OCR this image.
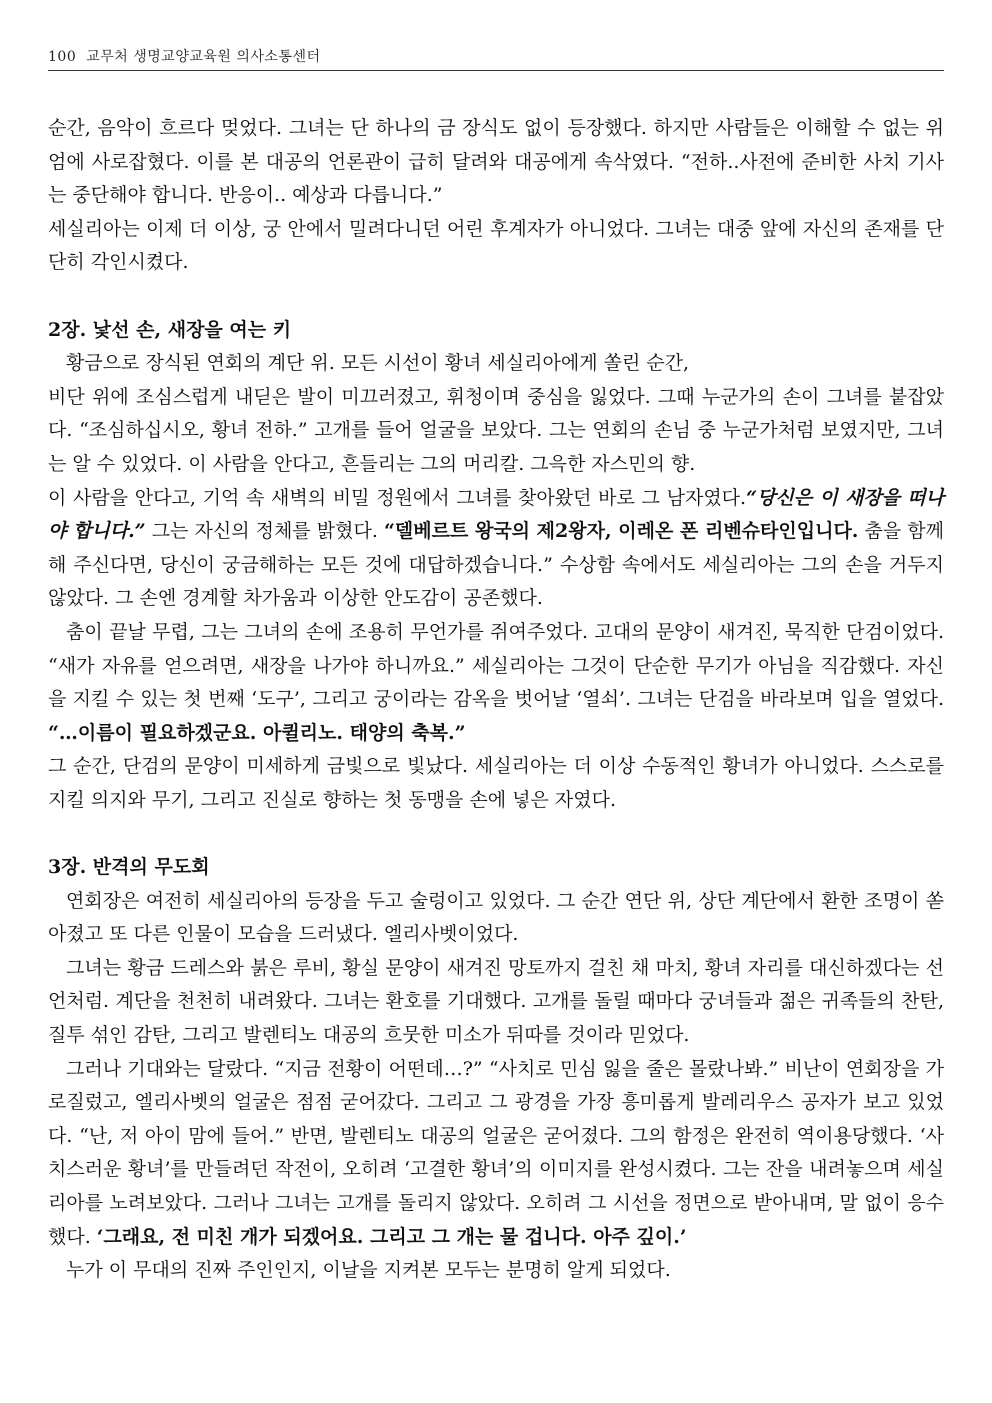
100 교무처 생명교양교육원 의사소통센터

순간, 음악이 흐르다 멎었다. 그녀는 단 하나의 금 장식도 없이 등장했다. 하지만 사람들은 이해할 수 없는 위엄에 사로잡혔다. 이를 본 대공의 언론관이 급히 달려와 대공에게 속삭였다. “전하..사전에 준비한 사치 기사는 중단해야 합니다. 반응이.. 예상과 다릅니다.”

세실리아는 이제 더 이상, 궁 안에서 밀려다니던 어린 후계자가 아니었다. 그녀는 대중 앞에 자신의 존재를 단단히 각인시켰다.

2장. 낯선 손, 새장을 여는 키

황금으로 장식된 연회의 계단 위. 모든 시선이 황녀 세실리아에게 쏠린 순간,

비단 위에 조심스럽게 내딛은 발이 미끄러졌고, 휘청이며 중심을 잃었다. 그때 누군가의 손이 그녀를 붙잡았다. “조심하십시오, 황녀 전하.” 고개를 들어 얼굴을 보았다. 그는 연회의 손님 중 누군가처럼 보였지만, 그녀는 알 수 있었다. 이 사람을 안다고, 흔들리는 그의 머리칼. 그윽한 자스민의 향.

이 사람을 안다고, 기억 속 새벽의 비밀 정원에서 그녀를 찾아왔던 바로 그 남자였다.“당신은 이 새장을 떠나야 합니다.” 그는 자신의 정체를 밝혔다. “델베르트 왕국의 제2왕자, 이레온 폰 리벤슈타인입니다. 춤을 함께해 주신다면, 당신이 궁금해하는 모든 것에 대답하겠습니다.” 수상함 속에서도 세실리아는 그의 손을 거두지 않았다. 그 손엔 경계할 차가움과 이상한 안도감이 공존했다.

춤이 끝날 무렵, 그는 그녀의 손에 조용히 무언가를 쥐여주었다. 고대의 문양이 새겨진, 묵직한 단검이었다. “새가 자유를 얻으려면, 새장을 나가야 하니까요.” 세실리아는 그것이 단순한 무기가 아님을 직감했다. 자신을 지킬 수 있는 첫 번째 ‘도구’, 그리고 궁이라는 감옥을 벗어날 ‘열쇠’. 그녀는 단검을 바라보며 입을 열었다. “…이름이 필요하겠군요. 아퀼리노. 태양의 축복.”

그 순간, 단검의 문양이 미세하게 금빛으로 빛났다. 세실리아는 더 이상 수동적인 황녀가 아니었다. 스스로를 지킬 의지와 무기, 그리고 진실로 향하는 첫 동맹을 손에 넣은 자였다.

3장. 반격의 무도회

연회장은 여전히 세실리아의 등장을 두고 술렁이고 있었다. 그 순간 연단 위, 상단 계단에서 환한 조명이 쏟아졌고 또 다른 인물이 모습을 드러냈다. 엘리사벳이었다.

그녀는 황금 드레스와 붉은 루비, 황실 문양이 새겨진 망토까지 걸친 채 마치, 황녀 자리를 대신하겠다는 선언처럼. 계단을 천천히 내려왔다. 그녀는 환호를 기대했다. 고개를 돌릴 때마다 궁녀들과 젊은 귀족들의 찬탄, 질투 섞인 감탄, 그리고 발렌티노 대공의 흐뭇한 미소가 뒤따를 것이라 믿었다.

그러나 기대와는 달랐다. “지금 전황이 어떤데…?” “사치로 민심 잃을 줄은 몰랐나봐.” 비난이 연회장을 가로질렀고, 엘리사벳의 얼굴은 점점 굳어갔다. 그리고 그 광경을 가장 흥미롭게 발레리우스 공자가 보고 있었다. “난, 저 아이 맘에 들어.” 반면, 발렌티노 대공의 얼굴은 굳어졌다. 그의 함정은 완전히 역이용당했다. ‘사치스러운 황녀’를 만들려던 작전이, 오히려 ‘고결한 황녀’의 이미지를 완성시켰다. 그는 잔을 내려놓으며 세실리아를 노려보았다. 그러나 그녀는 고개를 돌리지 않았다. 오히려 그 시선을 정면으로 받아내며, 말 없이 응수했다. ‘그래요, 전 미친 개가 되겠어요. 그리고 그 개는 물 겁니다. 아주 깊이.’

누가 이 무대의 진짜 주인인지, 이날을 지켜본 모두는 분명히 알게 되었다.
